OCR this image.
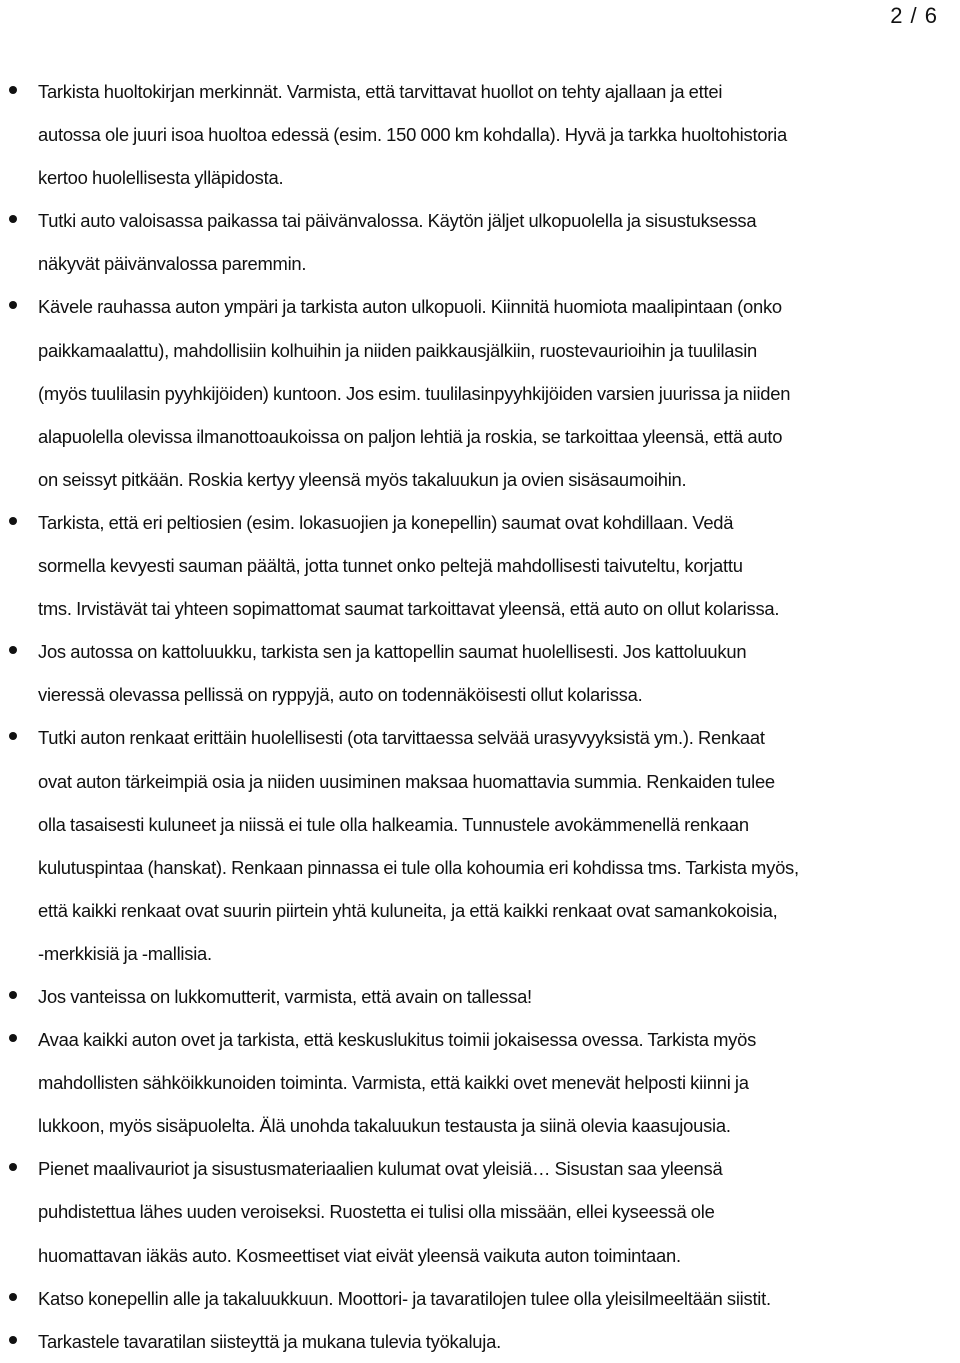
2 / 6
Tarkista huoltokirjan merkinnät. Varmista, että tarvittavat huollot on tehty ajallaan ja ettei
autossa ole juuri isoa huoltoa edessä (esim. 150 000 km kohdalla). Hyvä ja tarkka huoltohistoria
kertoo huolellisesta ylläpidosta.
Tutki auto valoisassa paikassa tai päivänvalossa. Käytön jäljet ulkopuolella ja sisustuksessa
näkyvät päivänvalossa paremmin.
Kävele rauhassa auton ympäri ja tarkista auton ulkopuoli. Kiinnitä huomiota maalipintaan (onko
paikkamaalattu), mahdollisiin kolhuihin ja niiden paikkausjälkiin, ruostevaurioihin ja tuulilasin
(myös tuulilasin pyyhkijöiden) kuntoon. Jos esim. tuulilasinpyyhkijöiden varsien juurissa ja niiden
alapuolella olevissa ilmanottoaukoissa on paljon lehtiä ja roskia, se tarkoittaa yleensä, että auto
on seissyt pitkään. Roskia kertyy yleensä myös takaluukun ja ovien sisäsaumoihin.
Tarkista, että eri peltiosien (esim. lokasuojien ja konepellin) saumat ovat kohdillaan. Vedä
sormella kevyesti sauman päältä, jotta tunnet onko peltejä mahdollisesti taivuteltu, korjattu
tms. Irvistävät tai yhteen sopimattomat saumat tarkoittavat yleensä, että auto on ollut kolarissa.
Jos autossa on kattoluukku, tarkista sen ja kattopellin saumat huolellisesti. Jos kattoluukun
vieressä olevassa pellissä on ryppyjä, auto on todennäköisesti ollut kolarissa.
Tutki auton renkaat erittäin huolellisesti (ota tarvittaessa selvää urasyvyyksistä ym.). Renkaat
ovat auton tärkeimpiä osia ja niiden uusiminen maksaa huomattavia summia. Renkaiden tulee
olla tasaisesti kuluneet ja niissä ei tule olla halkeamia. Tunnustele avokämmenellä renkaan
kulutuspintaa (hanskat). Renkaan pinnassa ei tule olla kohoumia eri kohdissa tms. Tarkista myös,
että kaikki renkaat ovat suurin piirtein yhtä kuluneita, ja että kaikki renkaat ovat samankokoisia,
-merkkisiä ja -mallisia.
Jos vanteissa on lukkomutterit, varmista, että avain on tallessa!
Avaa kaikki auton ovet ja tarkista, että keskuslukitus toimii jokaisessa ovessa. Tarkista myös
mahdollisten sähköikkunoiden toiminta. Varmista, että kaikki ovet menevät helposti kiinni ja
lukkoon, myös sisäpuolelta. Älä unohda takaluukun testausta ja siinä olevia kaasujousia.
Pienet maalivauriot ja sisustusmateriaalien kulumat ovat yleisiä… Sisustan saa yleensä
puhdistettua lähes uuden veroiseksi. Ruostetta ei tulisi olla missään, ellei kyseessä ole
huomattavan iäkäs auto. Kosmeettiset viat eivät yleensä vaikuta auton toimintaan.
Katso konepellin alle ja takaluukkuun. Moottori- ja tavaratilojen tulee olla yleisilmeeltään siistit.
Tarkastele tavaratilan siisteyttä ja mukana tulevia työkaluja.
